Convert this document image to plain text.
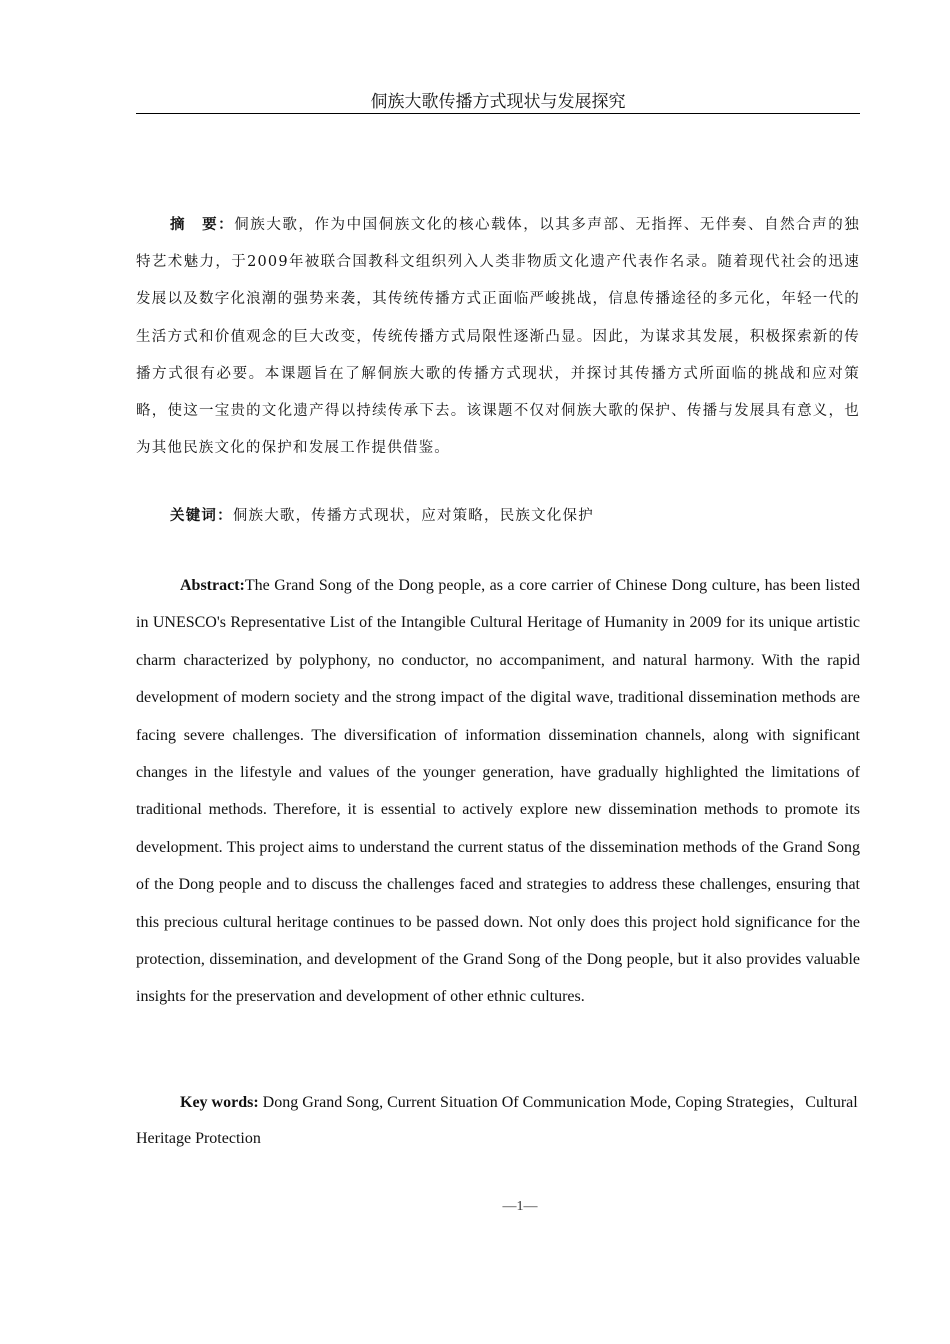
侗族大歌传播方式现状与发展探究
摘　要：侗族大歌，作为中国侗族文化的核心载体，以其多声部、无指挥、无伴奏、自然合声的独特艺术魅力，于2009年被联合国教科文组织列入人类非物质文化遗产代表作名录。随着现代社会的迅速发展以及数字化浪潮的强势来袭，其传统传播方式正面临严峻挑战，信息传播途径的多元化，年轻一代的生活方式和价值观念的巨大改变，传统传播方式局限性逐渐凸显。因此，为谋求其发展，积极探索新的传播方式很有必要。本课题旨在了解侗族大歌的传播方式现状，并探讨其传播方式所面临的挑战和应对策略，使这一宝贵的文化遗产得以持续传承下去。该课题不仅对侗族大歌的保护、传播与发展具有意义，也为其他民族文化的保护和发展工作提供借鉴。
关键词：侗族大歌，传播方式现状，应对策略，民族文化保护
Abstract:The Grand Song of the Dong people, as a core carrier of Chinese Dong culture, has been listed in UNESCO's Representative List of the Intangible Cultural Heritage of Humanity in 2009 for its unique artistic charm characterized by polyphony, no conductor, no accompaniment, and natural harmony. With the rapid development of modern society and the strong impact of the digital wave, traditional dissemination methods are facing severe challenges. The diversification of information dissemination channels, along with significant changes in the lifestyle and values of the younger generation, have gradually highlighted the limitations of traditional methods. Therefore, it is essential to actively explore new dissemination methods to promote its development. This project aims to understand the current status of the dissemination methods of the Grand Song of the Dong people and to discuss the challenges faced and strategies to address these challenges, ensuring that this precious cultural heritage continues to be passed down. Not only does this project hold significance for the protection, dissemination, and development of the Grand Song of the Dong people, but it also provides valuable insights for the preservation and development of other ethnic cultures.
Key words: Dong Grand Song, Current Situation Of Communication Mode, Coping Strategies，Cultural Heritage Protection
—1—
